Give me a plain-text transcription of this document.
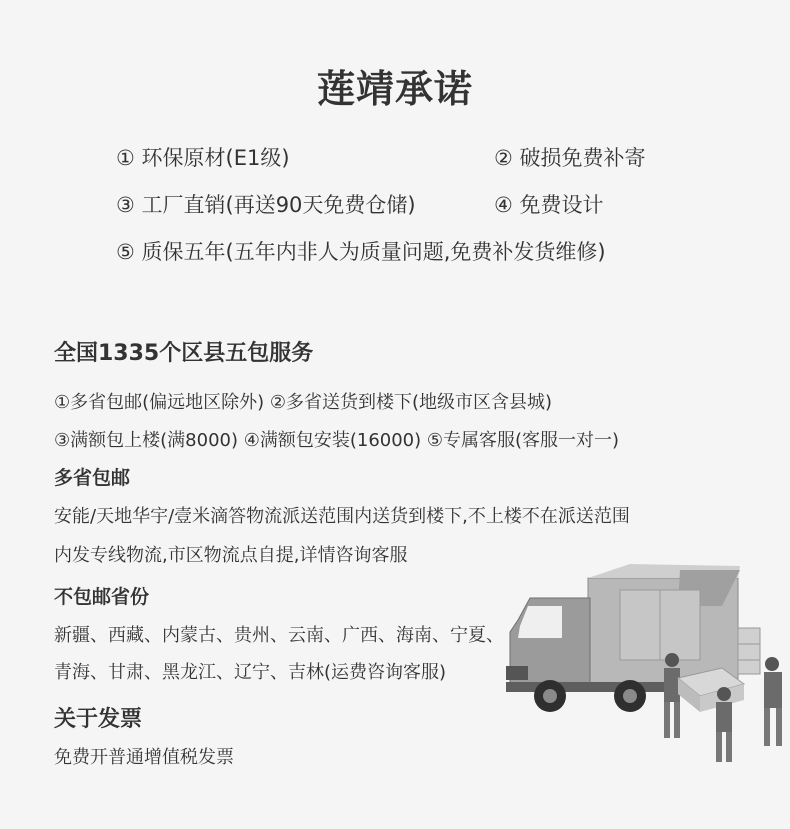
莲靖承诺
① 环保原材(E1级)	② 破损免费补寄
③ 工厂直销(再送90天免费仓储)	④ 免费设计
⑤ 质保五年(五年内非人为质量问题,免费补发货维修)
全国1335个区县五包服务
①多省包邮(偏远地区除外) ②多省送货到楼下(地级市区含县城)
③满额包上楼(满8000) ④满额包安装(16000) ⑤专属客服(客服一对一)
多省包邮
安能/天地华宇/壹米滴答物流派送范围内送货到楼下,不上楼不在派送范围
内发专线物流,市区物流点自提,详情咨询客服
不包邮省份
新疆、西藏、内蒙古、贵州、云南、广西、海南、宁夏、
青海、甘肃、黑龙江、辽宁、吉林(运费咨询客服)
关于发票
免费开普通增值税发票
